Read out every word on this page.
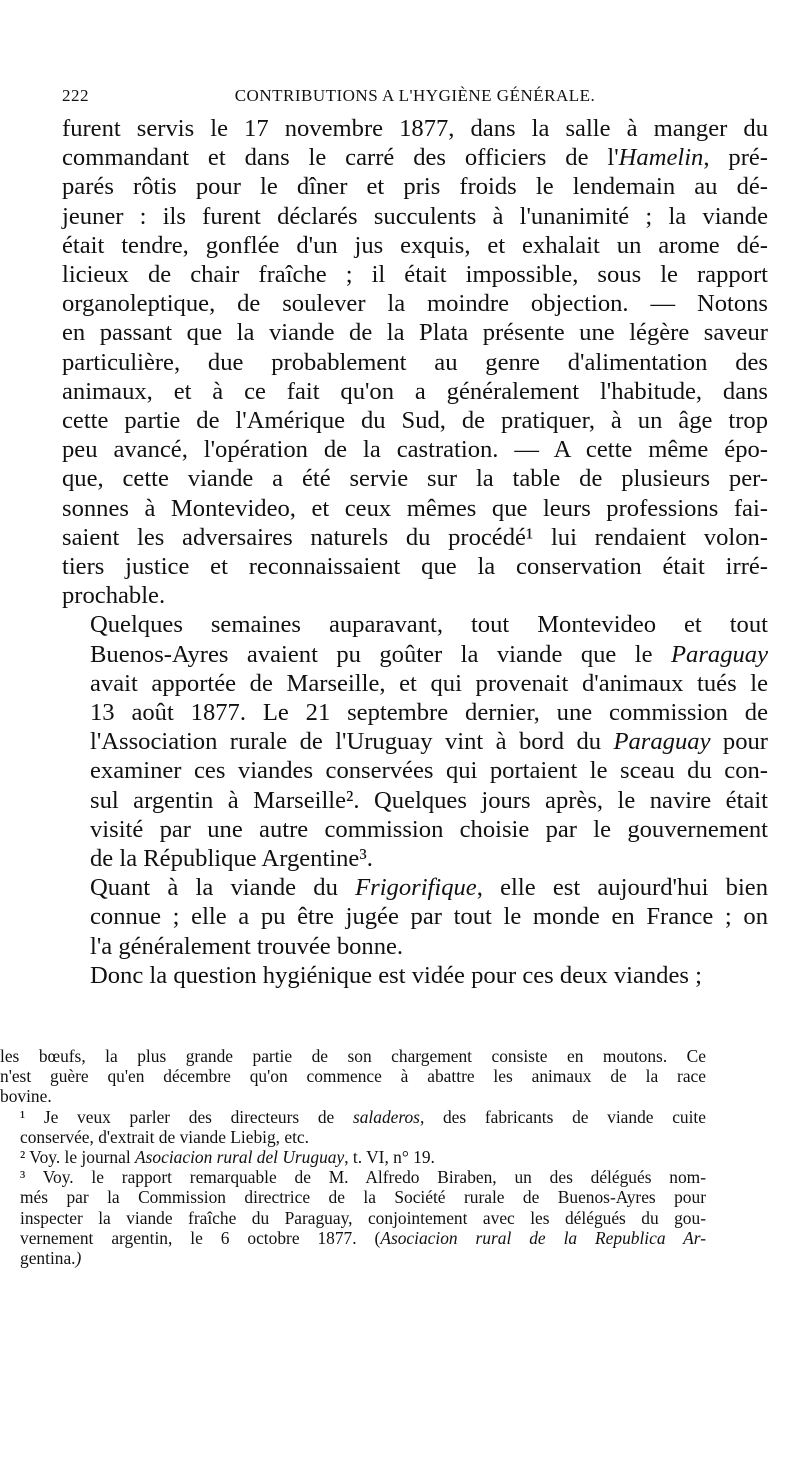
222	CONTRIBUTIONS A L'HYGIÈNE GÉNÉRALE.

furent servis le 17 novembre 1877, dans la salle à manger du
commandant et dans le carré des officiers de l'Hamelin, pré-
parés rôtis pour le dîner et pris froids le lendemain au dé-
jeuner : ils furent déclarés succulents à l'unanimité ; la viande
était tendre, gonflée d'un jus exquis, et exhalait un arome dé-
licieux de chair fraîche ; il était impossible, sous le rapport
organoleptique, de soulever la moindre objection. — Notons
en passant que la viande de la Plata présente une légère saveur
particulière, due probablement au genre d'alimentation des
animaux, et à ce fait qu'on a généralement l'habitude, dans
cette partie de l'Amérique du Sud, de pratiquer, à un âge trop
peu avancé, l'opération de la castration. — A cette même épo-
que, cette viande a été servie sur la table de plusieurs per-
sonnes à Montevideo, et ceux mêmes que leurs professions fai-
saient les adversaires naturels du procédé¹ lui rendaient volon-
tiers justice et reconnaissaient que la conservation était irré-
prochable.

Quelques semaines auparavant, tout Montevideo et tout
Buenos-Ayres avaient pu goûter la viande que le Paraguay
avait apportée de Marseille, et qui provenait d'animaux tués le
13 août 1877. Le 21 septembre dernier, une commission de
l'Association rurale de l'Uruguay vint à bord du Paraguay pour
examiner ces viandes conservées qui portaient le sceau du con-
sul argentin à Marseille². Quelques jours après, le navire était
visité par une autre commission choisie par le gouvernement
de la République Argentine³.

Quant à la viande du Frigorifique, elle est aujourd'hui bien
connue ; elle a pu être jugée par tout le monde en France ; on
l'a généralement trouvée bonne.

Donc la question hygiénique est vidée pour ces deux viandes ;

les bœufs, la plus grande partie de son chargement consiste en moutons. Ce
n'est guère qu'en décembre qu'on commence à abattre les animaux de la race
bovine.
¹ Je veux parler des directeurs de saladeros, des fabricants de viande cuite
conservée, d'extrait de viande Liebig, etc.
² Voy. le journal Asociacion rural del Uruguay, t. VI, n° 19.
³ Voy. le rapport remarquable de M. Alfredo Biraben, un des délégués nom-
més par la Commission directrice de la Société rurale de Buenos-Ayres pour
inspecter la viande fraîche du Paraguay, conjointement avec les délégués du gou-
vernement argentin, le 6 octobre 1877. (Asociacion rural de la Republica Ar-
gentina.)
